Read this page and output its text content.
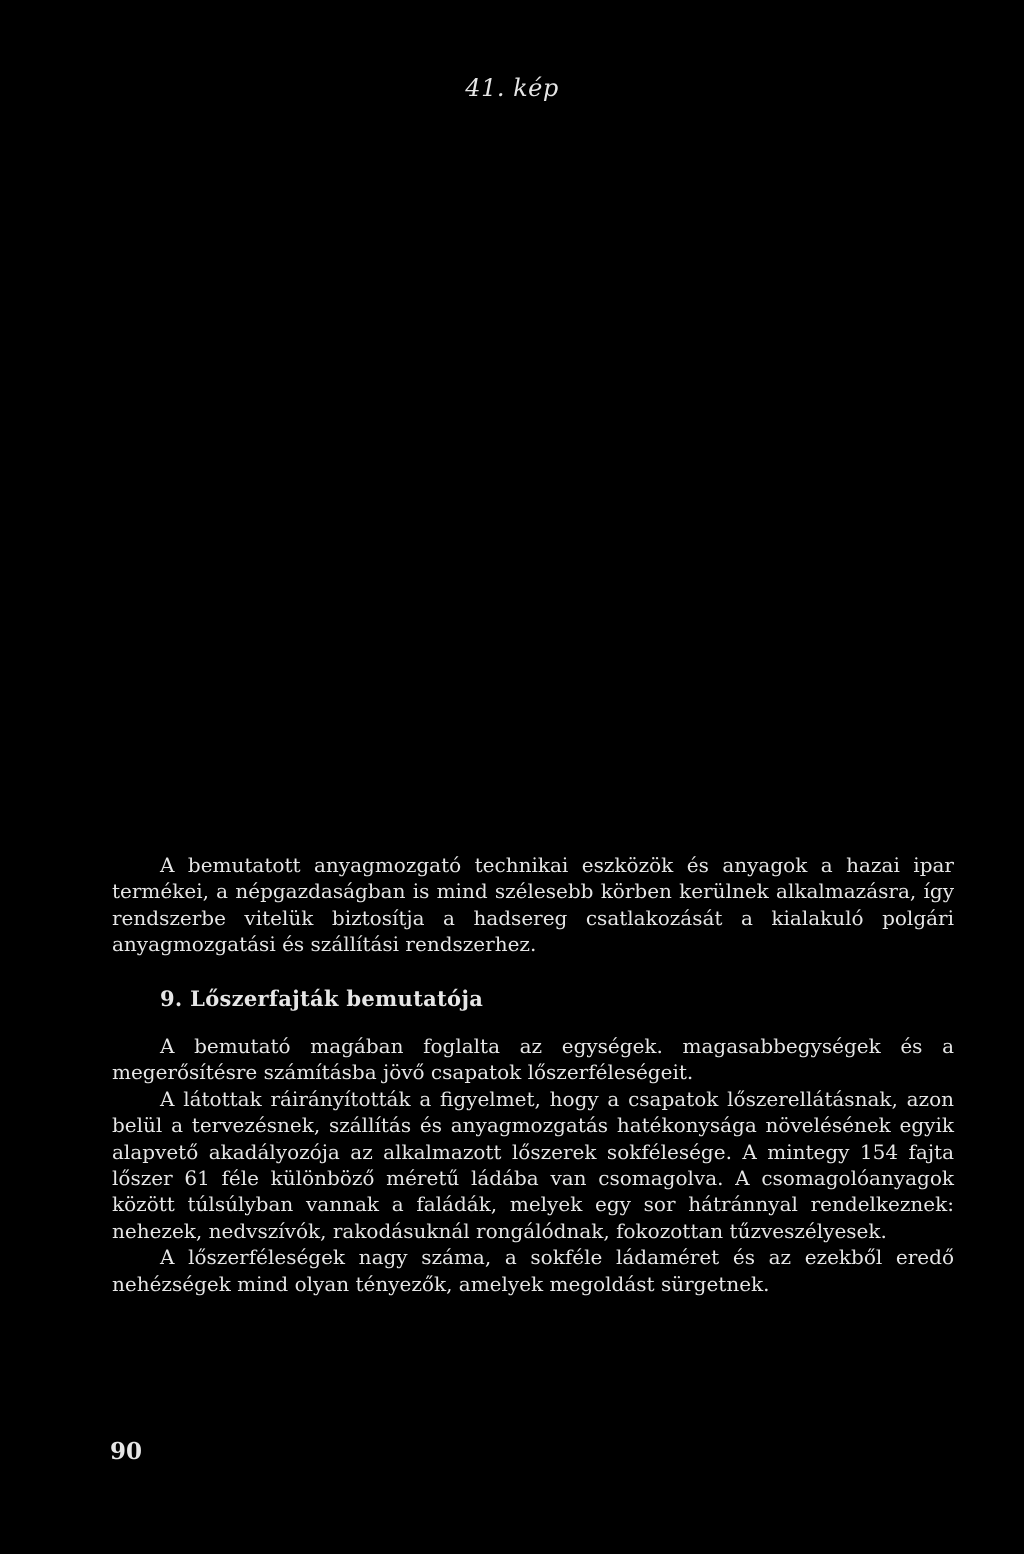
41. kép

A bemutatott anyagmozgató technikai eszközök és anyagok a hazai ipar termékei, a népgazdaságban is mind szélesebb körben kerülnek alkalmazásra, így rendszerbe vitelük biztosítja a hadsereg csatlakozását a kialakuló polgári anyagmozgatási és szállítási rendszerhez.

9. Lőszerfajták bemutatója

A bemutató magában foglalta az egységek. magasabbegységek és a megerősítésre számításba jövő csapatok lőszerféleségeit.

A látottak ráirányították a figyelmet, hogy a csapatok lőszerellátásnak, azon belül a tervezésnek, szállítás és anyagmozgatás hatékonysága növelésének egyik alapvető akadályozója az alkalmazott lőszerek sokfélesége. A mintegy 154 fajta lőszer 61 féle különböző méretű ládába van csomagolva. A csomagolóanyagok között túlsúlyban vannak a faládák, melyek egy sor hátránnyal rendelkeznek: nehezek, nedvszívók, rakodásuknál rongálódnak, fokozottan tűzveszélyesek.

A lőszerféleségek nagy száma, a sokféle ládaméret és az ezekből eredő nehézségek mind olyan tényezők, amelyek megoldást sürgetnek.

90
